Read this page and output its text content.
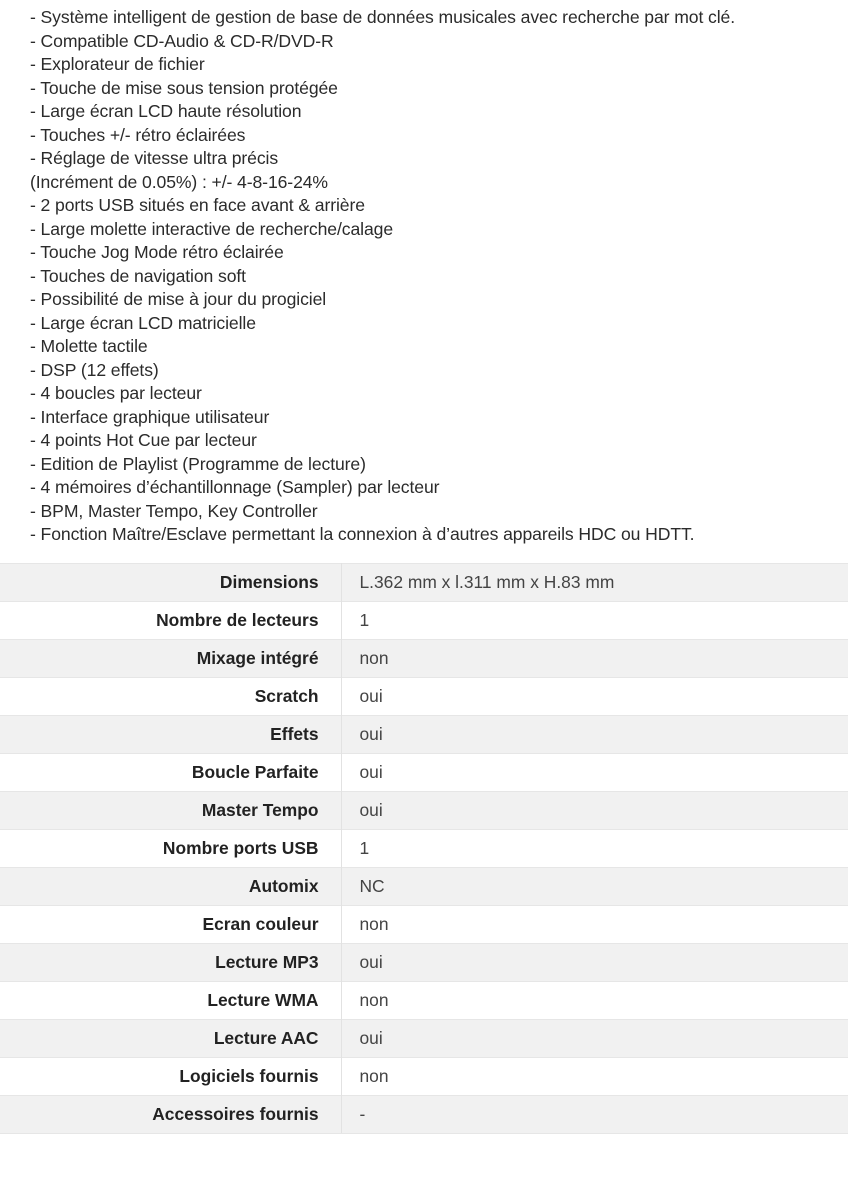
- Système intelligent de gestion de base de données musicales avec recherche par mot clé.
- Compatible CD-Audio & CD-R/DVD-R
- Explorateur de fichier
- Touche de mise sous tension protégée
- Large écran LCD haute résolution
- Touches +/- rétro éclairées
- Réglage de vitesse ultra précis
(Incrément de 0.05%) : +/- 4-8-16-24%
- 2 ports USB situés en face avant & arrière
- Large molette interactive de recherche/calage
- Touche Jog Mode rétro éclairée
- Touches de navigation soft
- Possibilité de mise à jour du progiciel
- Large écran LCD matricielle
- Molette tactile
- DSP (12 effets)
- 4 boucles par lecteur
- Interface graphique utilisateur
- 4 points Hot Cue par lecteur
- Edition de Playlist (Programme de lecture)
- 4 mémoires d’échantillonnage (Sampler) par lecteur
- BPM, Master Tempo, Key Controller
- Fonction Maître/Esclave permettant la connexion à d’autres appareils HDC ou HDTT.
Dimensions	L.362 mm x l.311 mm x H.83 mm
Nombre de lecteurs	1
Mixage intégré	non
Scratch	oui
Effets	oui
Boucle Parfaite	oui
Master Tempo	oui
Nombre ports USB	1
Automix	NC
Ecran couleur	non
Lecture MP3	oui
Lecture WMA	non
Lecture AAC	oui
Logiciels fournis	non
Accessoires fournis	-
